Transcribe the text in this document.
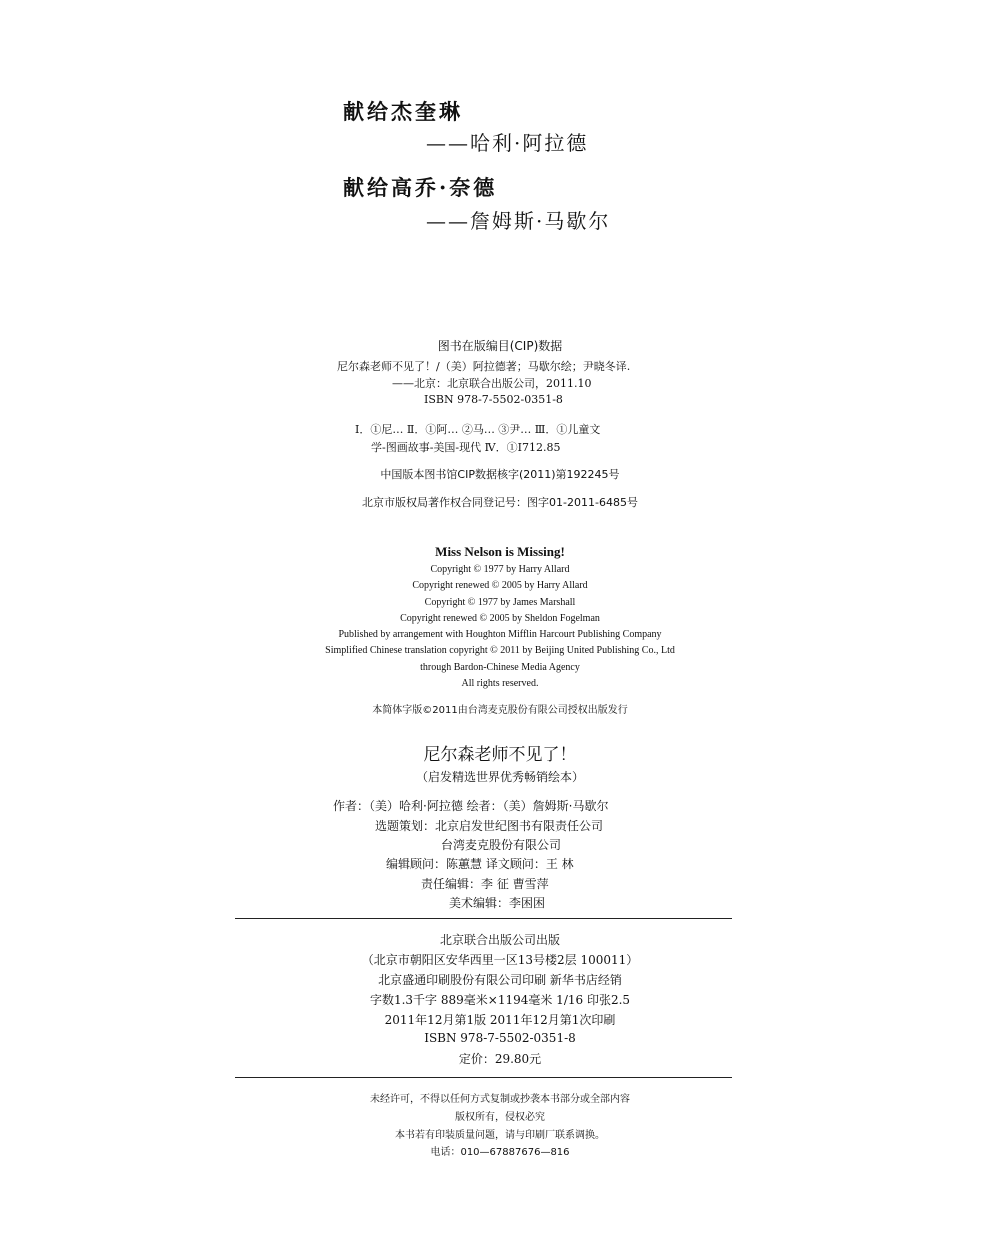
献给杰奎琳
——哈利·阿拉德
献给高乔·奈德
——詹姆斯·马歇尔
图书在版编目(CIP)数据
尼尔森老师不见了！/（美）阿拉德著；马歇尔绘；尹晓冬译.
——北京：北京联合出版公司，2011.10
ISBN 978-7-5502-0351-8
Ⅰ．①尼… Ⅱ．①阿… ②马… ③尹… Ⅲ．①儿童文
学-图画故事-美国-现代 Ⅳ．①I712.85
中国版本图书馆CIP数据核字(2011)第192245号
北京市版权局著作权合同登记号：图字01-2011-6485号
Miss Nelson is Missing!
Copyright © 1977 by Harry Allard
Copyright renewed © 2005 by Harry Allard
Copyright © 1977 by James Marshall
Copyright renewed © 2005 by Sheldon Fogelman
Published by arrangement with Houghton Mifflin Harcourt Publishing Company
Simplified Chinese translation copyright © 2011 by Beijing United Publishing Co., Ltd
through Bardon-Chinese Media Agency
All rights reserved.
本简体字版©2011由台湾麦克股份有限公司授权出版发行
尼尔森老师不见了！
（启发精选世界优秀畅销绘本）
作者：（美）哈利·阿拉德 绘者：（美）詹姆斯·马歇尔
选题策划：北京启发世纪图书有限责任公司
台湾麦克股份有限公司
编辑顾问：陈蕙慧 译文顾问：王 林
责任编辑：李 征 曹雪萍
美术编辑：李困困
北京联合出版公司出版
（北京市朝阳区安华西里一区13号楼2层 100011）
北京盛通印刷股份有限公司印刷 新华书店经销
字数1.3千字 889毫米×1194毫米 1/16 印张2.5
2011年12月第1版 2011年12月第1次印刷
ISBN 978-7-5502-0351-8
定价：29.80元
未经许可，不得以任何方式复制或抄袭本书部分或全部内容
版权所有，侵权必究
本书若有印装质量问题，请与印刷厂联系调换。
电话：010—67887676—816
